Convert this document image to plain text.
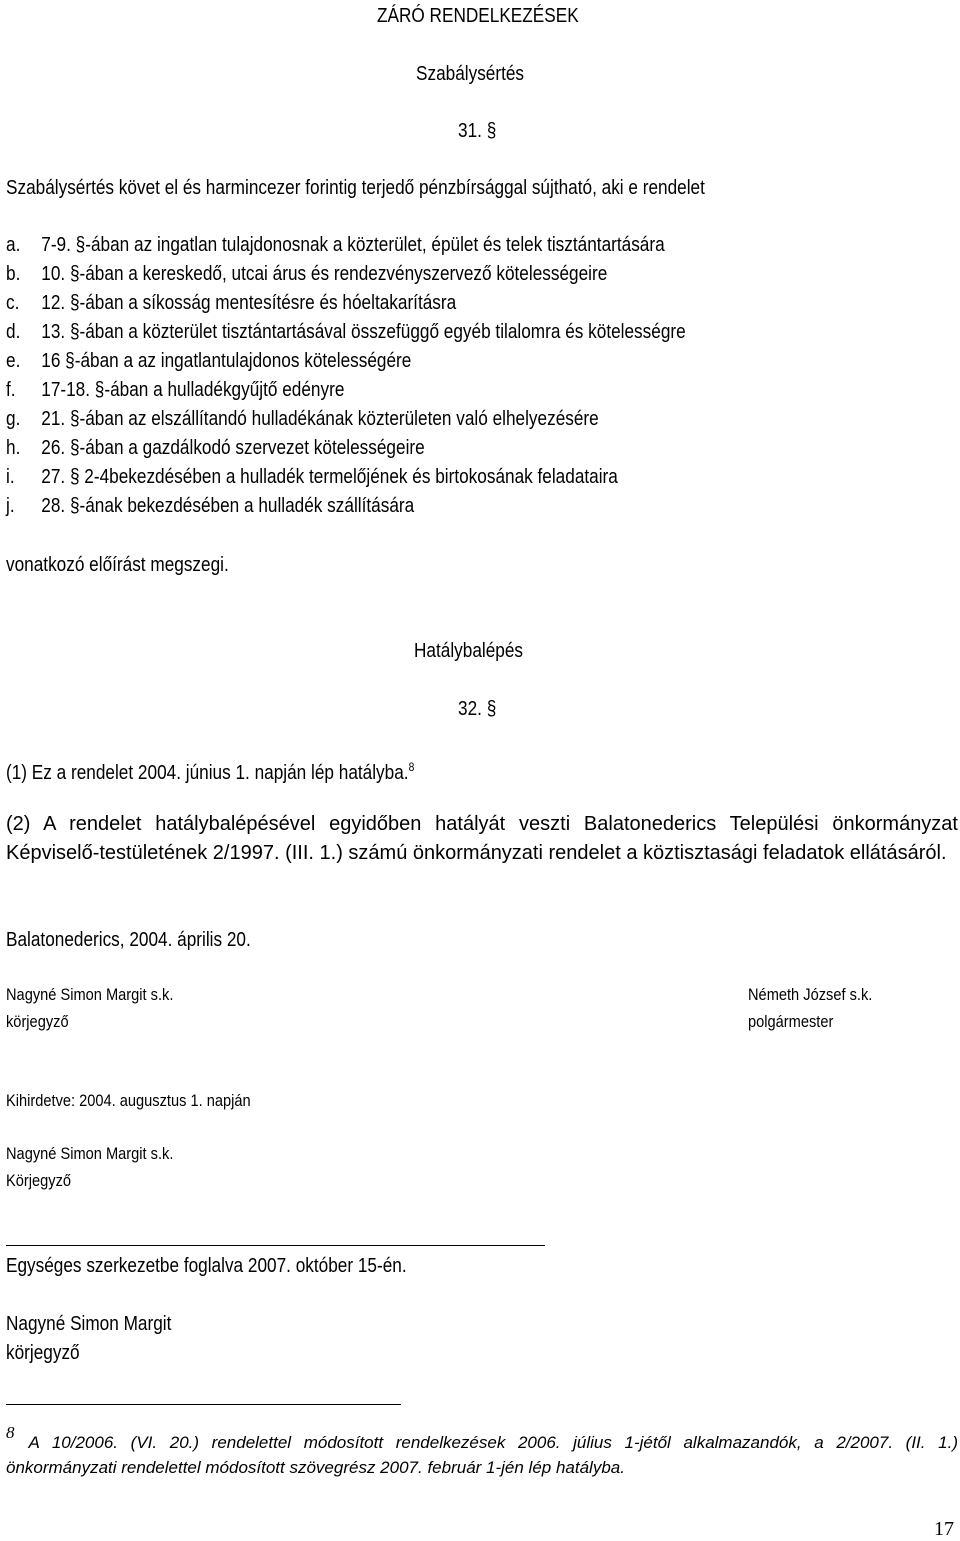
ZÁRÓ RENDELKEZÉSEK
Szabálysértés
31. §
Szabálysértés követ el és harmincezer forintig terjedő pénzbírsággal sújtható, aki e rendelet
a. 7-9. §-ában az ingatlan tulajdonosnak a közterület, épület és telek tisztántartására
b. 10. §-ában a kereskedő, utcai árus és rendezvényszervező kötelességeire
c. 12. §-ában a síkosság mentesítésre és hóeltakarításra
d. 13. §-ában a közterület tisztántartásával összefüggő egyéb tilalomra és kötelességre
e. 16 §-ában a az ingatlantulajdonos kötelességére
f. 17-18. §-ában a hulladékgyűjtő edényre
g. 21. §-ában az elszállítandó hulladékának közterületen való elhelyezésére
h. 26. §-ában a gazdálkodó szervezet kötelességeire
i. 27. § 2-4bekezdésében a hulladék termelőjének és birtokosának feladataira
j. 28. §-ának bekezdésében a hulladék szállítására
vonatkozó előírást megszegi.
Hatálybalépés
32. §
(1) Ez a rendelet 2004. június 1. napján lép hatályba.$^8$
(2) A rendelet hatálybalépésével egyidőben hatályát veszti Balatonederics Települési önkormányzat Képviselő-testületének 2/1997. (III. 1.) számú önkormányzati rendelet a köztisztasági feladatok ellátásáról.
Balatonederics, 2004. április 20.
Nagyné Simon Margit s.k.
körjegyző
Németh József s.k.
polgármester
Kihirdetve: 2004. augusztus 1. napján
Nagyné Simon Margit s.k.
Körjegyző
Egységes szerkezetbe foglalva 2007. október 15-én.
Nagyné Simon Margit
körjegyző
8A 10/2006. (VI. 20.) rendelettel módosított rendelkezések 2006. július 1-jétől alkalmazandók, a 2/2007. (II. 1.) önkormányzati rendelettel módosított szövegrész 2007. február 1-jén lép hatályba.
17
